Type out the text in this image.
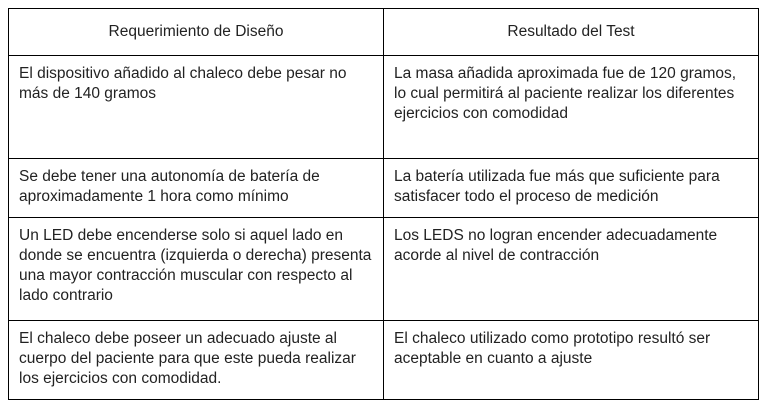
Requerimiento de Diseño	Resultado del Test
El dispositivo añadido al chaleco debe pesar no más de 140 gramos	La masa añadida aproximada fue de 120 gramos, lo cual permitirá al paciente realizar los diferentes ejercicios con comodidad
Se debe tener una autonomía de batería de aproximadamente 1 hora como mínimo	La batería utilizada fue más que suficiente para satisfacer todo el proceso de medición
Un LED debe encenderse solo si aquel lado en donde se encuentra (izquierda o derecha) presenta una mayor contracción muscular con respecto al lado contrario	Los LEDS no logran encender adecuadamente acorde al nivel de contracción
El chaleco debe poseer un adecuado ajuste al cuerpo del paciente para que este pueda realizar los ejercicios con comodidad.	El chaleco utilizado como prototipo resultó ser aceptable en cuanto a ajuste
